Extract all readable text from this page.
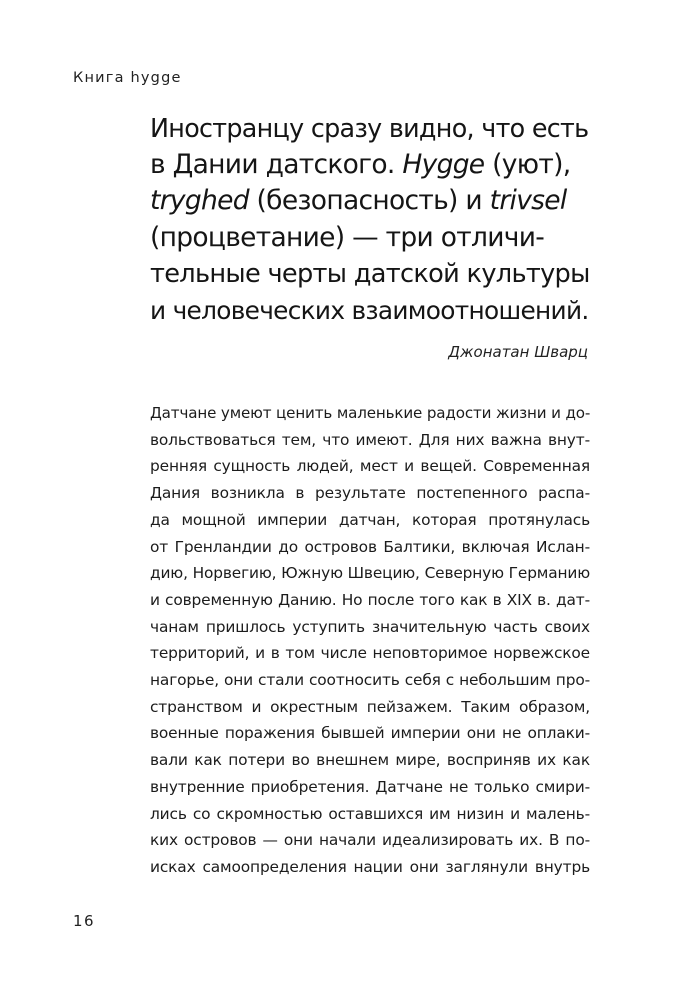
Книга hygge
Иностранцу сразу видно, что есть
в Дании датского. Hygge (уют),
tryghed (безопасность) и trivsel
(процветание) — три отличи-
тельные черты датской культуры
и человеческих взаимоотношений.
Джонатан Шварц
Датчане умеют ценить маленькие радости жизни и до-
вольствоваться тем, что имеют. Для них важна внут-
ренняя сущность людей, мест и вещей. Современная
Дания возникла в результате постепенного распа-
да мощной империи датчан, которая протянулась
от Гренландии до островов Балтики, включая Ислан-
дию, Норвегию, Южную Швецию, Северную Германию
и современную Данию. Но после того как в XIX в. дат-
чанам пришлось уступить значительную часть своих
территорий, и в том числе неповторимое норвежское
нагорье, они стали соотносить себя с небольшим про-
странством и окрестным пейзажем. Таким образом,
военные поражения бывшей империи они не оплаки-
вали как потери во внешнем мире, восприняв их как
внутренние приобретения. Датчане не только смири-
лись со скромностью оставшихся им низин и малень-
ких островов — они начали идеализировать их. В по-
исках самоопределения нации они заглянули внутрь
16
